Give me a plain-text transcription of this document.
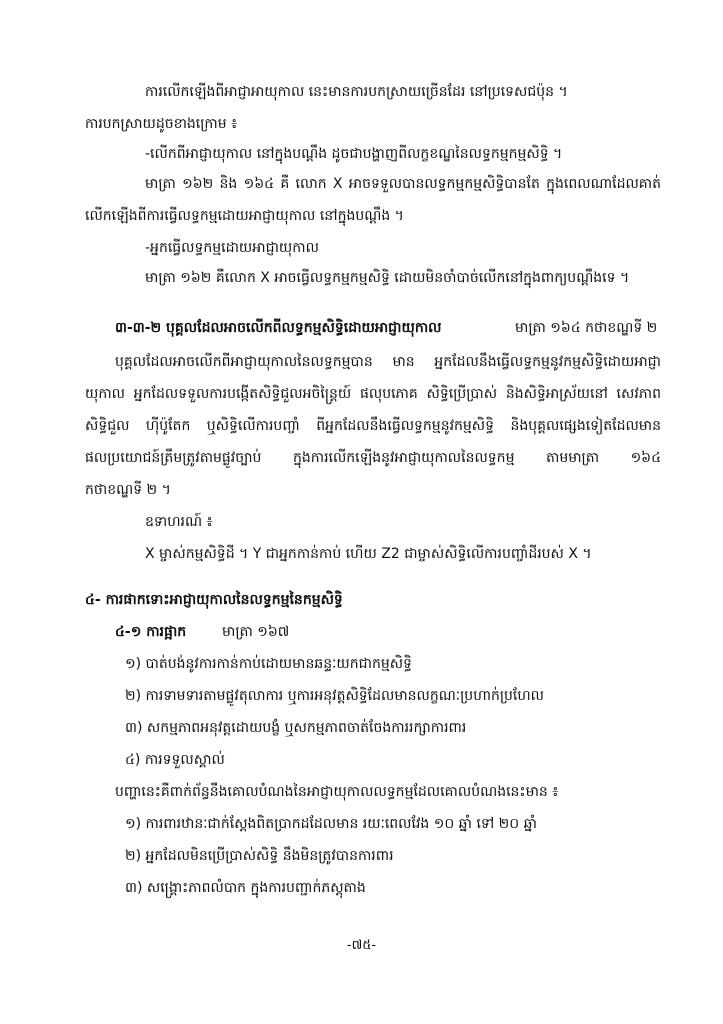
ការលើកឡើងពីអាជ្ញាអាយុកាល នេះមានការបកស្រាយច្រើនដែរ នៅប្រទេសជប៉ុន ។
ការបកស្រាយដូចខាងក្រោម ៖
-លើកពីអាជ្ញាយុកាល នៅក្នុងបណ្តឹង ដូចជាបង្ហាញពីលក្ខខណ្ឌនៃលទ្ធកម្មកម្មសិទ្ធិ ។
មាត្រា ១៦២ និង ១៦៤ គឺ លោក X អាចទទួលបានលទ្ធកម្មកម្មសិទ្ធិបានតែ ក្នុងពេលណាដែលគាត់
លើកឡើងពីការធ្វើលទ្ធកម្មដោយអាជ្ញាយុកាល នៅក្នុងបណ្តឹង ។
-អ្នកធ្វើលទ្ធកម្មដោយអាជ្ញាយុកាល
មាត្រា ១៦២ គឺលោក X អាចធ្វើលទ្ធកម្មកម្មសិទ្ធិ ដោយមិនចាំបាច់លើកនៅក្នុងពាក្យបណ្តឹងទេ ។
៣-៣-២ បុគ្គលដែលអាចលើកពីលទ្ធកម្មសិទ្ធិដោយអាជ្ញាយុកាល	មាត្រា ១៦៤ កថាខណ្ឌទី ២
បុគ្គលដែលអាចលើកពីអាជ្ញាយុកាលនៃលទ្ធកម្មបាន មាន អ្នកដែលនឹងធ្វើលទ្ធកម្មនូវកម្មសិទ្ធិដោយអាជ្ញា
យុកាល អ្នកដែលទទួលការបង្កើតសិទ្ធិជួលអចិន្ត្រៃយ៍ ផលុបភោគ សិទ្ធិប្រើប្រាស់ និងសិទ្ធិអាស្រ័យនៅ សេវភាព
សិទ្ធិជួល ហ៊ីប៉ូតែក ឬសិទ្ធិលើការបញ្ចាំ ពីអ្នកដែលនឹងធ្វើលទ្ធកម្មនូវកម្មសិទ្ធិ និងបុគ្គលផ្សេងទៀតដែលមាន
ផលប្រយោជន៍ត្រឹមត្រូវតាមផ្លូវច្បាប់ ក្នុងការលើកឡើងនូវអាជ្ញាយុកាលនៃលទ្ធកម្ម តាមមាត្រា ១៦៤
កថាខណ្ឌទី ២ ។
ឧទាហរណ៍ ៖
X ម្ចាស់កម្មសិទ្ធិដី ។ Y ជាអ្នកកាន់កាប់ ហើយ Z2 ជាម្ចាស់សិទ្ធិលើការបញ្ចាំដីរបស់ X ។
៤- ការផាកទោះអាជ្ញាយុកាលនៃលទ្ធកម្មនៃកម្មសិទ្ធិ
៤-១ ការផ្អាក	មាត្រា ១៦៧
១) បាត់បង់នូវការកាន់កាប់ដោយមានឆន្ទៈយកជាកម្មសិទ្ធិ
២) ការទាមទារតាមផ្លូវតុលាការ ឬការអនុវត្តសិទ្ធិដែលមានលក្ខណៈប្រហាក់ប្រហែល
៣) សកម្មភាពអនុវត្តដោយបង្ខំ ឬសកម្មភាពចាត់ចែងការរក្សាការពារ
៤) ការទទួលស្គាល់
បញ្ហានេះគឺពាក់ព័ន្ធនឹងគោលបំណងនៃអាជ្ញាយុកាលលទ្ធកម្មដែលគោលបំណងនេះមាន ៖
១) ការពារឋានៈជាក់ស្តែងពិតប្រាកដដែលមាន រយៈពេលវែង ១០ ឆ្នាំ ទៅ ២០ ឆ្នាំ
២) អ្នកដែលមិនប្រើប្រាស់សិទ្ធិ នឹងមិនត្រូវបានការពារ
៣) សង្គ្រោះភាពលំបាក ក្នុងការបញ្ជាក់ភស្តុតាង
-៧៥-
